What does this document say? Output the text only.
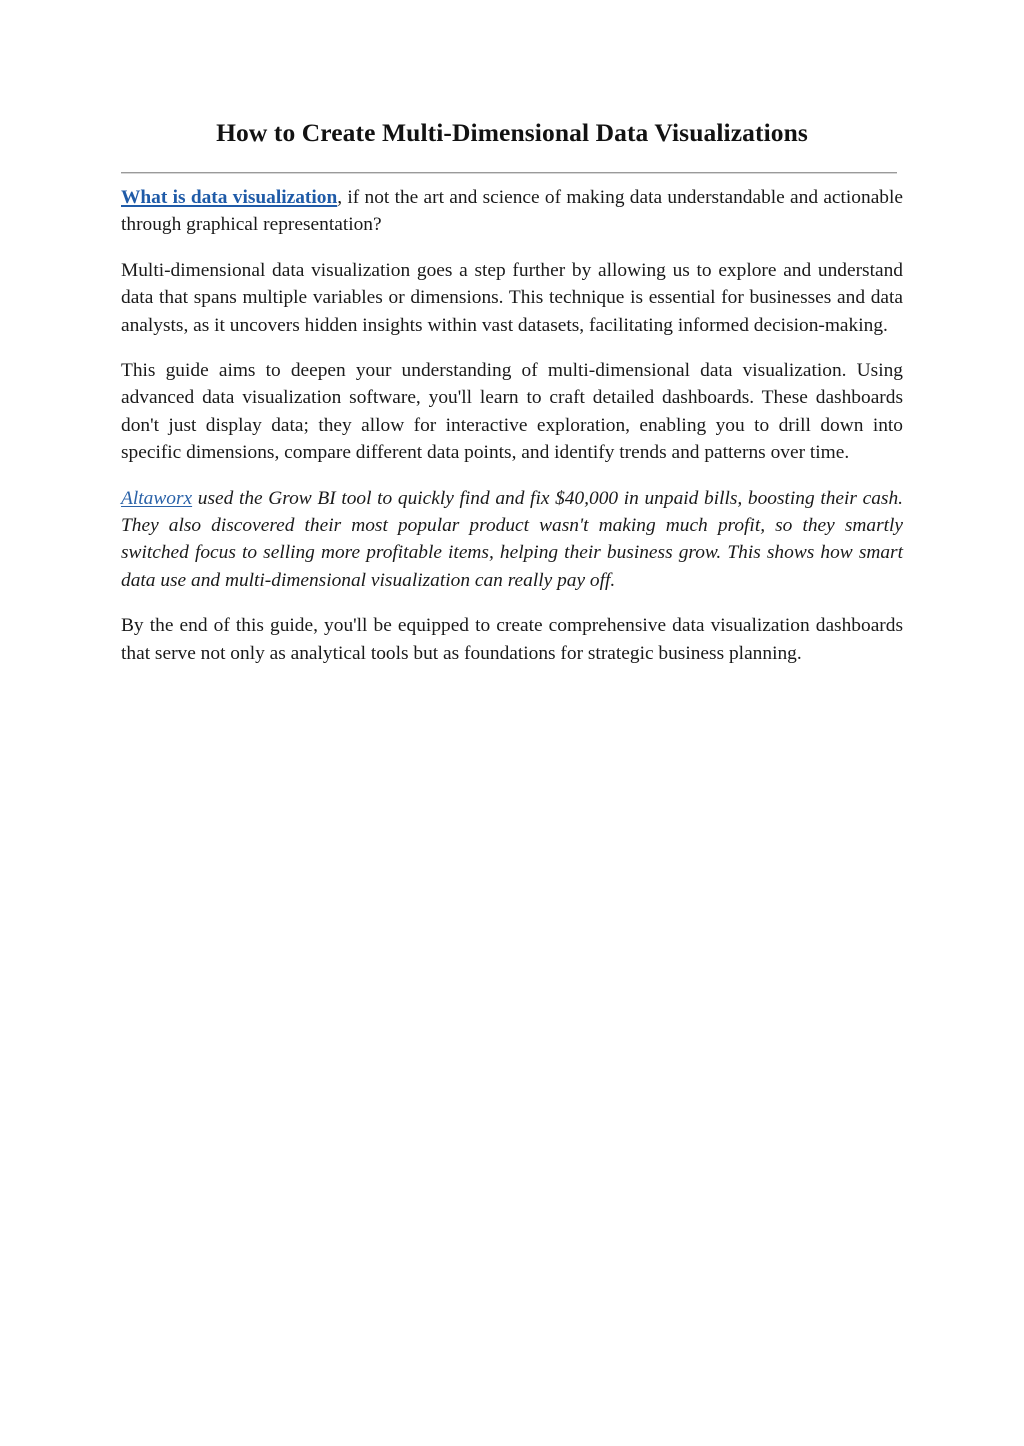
How to Create Multi-Dimensional Data Visualizations

What is data visualization, if not the art and science of making data understandable and actionable through graphical representation?

Multi-dimensional data visualization goes a step further by allowing us to explore and understand data that spans multiple variables or dimensions. This technique is essential for businesses and data analysts, as it uncovers hidden insights within vast datasets, facilitating informed decision-making.

This guide aims to deepen your understanding of multi-dimensional data visualization. Using advanced data visualization software, you'll learn to craft detailed dashboards. These dashboards don't just display data; they allow for interactive exploration, enabling you to drill down into specific dimensions, compare different data points, and identify trends and patterns over time.

Altaworx used the Grow BI tool to quickly find and fix $40,000 in unpaid bills, boosting their cash. They also discovered their most popular product wasn't making much profit, so they smartly switched focus to selling more profitable items, helping their business grow. This shows how smart data use and multi-dimensional visualization can really pay off.

By the end of this guide, you'll be equipped to create comprehensive data visualization dashboards that serve not only as analytical tools but as foundations for strategic business planning.
